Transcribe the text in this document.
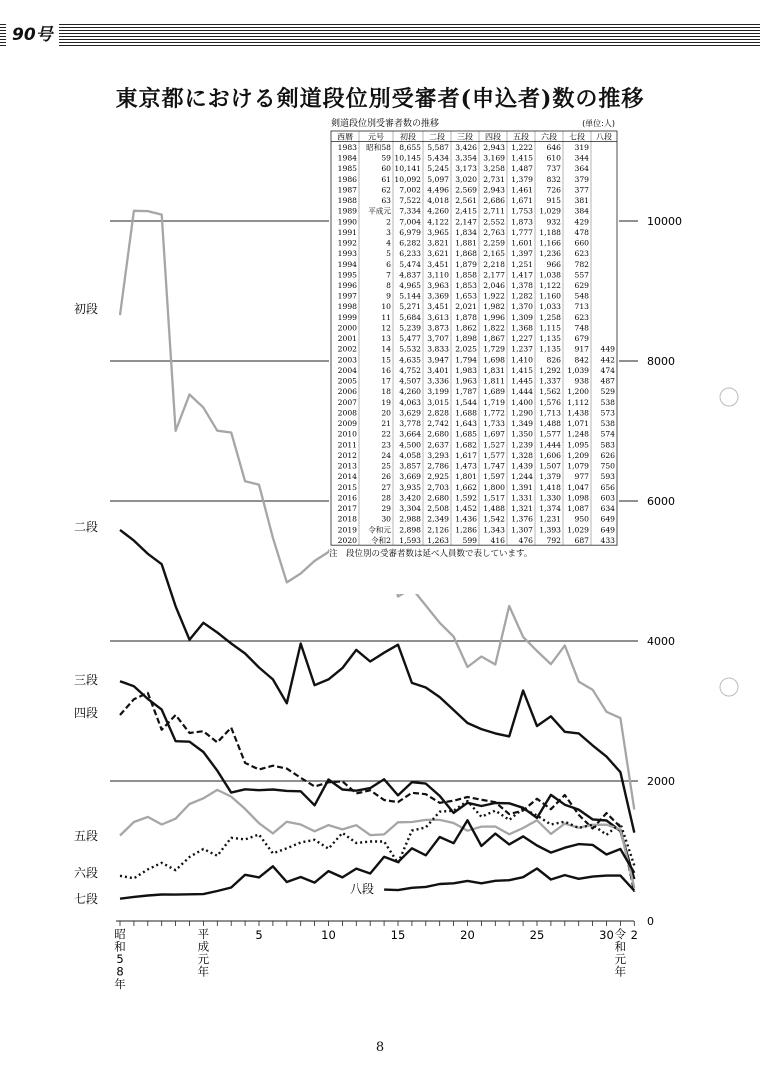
90号
東京都における剣道段位別受審者(申込者)数の推移
0
2000
4000
6000
8000
10000
昭和 5 8 年
平成元年
5	10	15	20	25	30 令和元年
2
初段
二段
三段
四段
五段
六段
七段
八段
剣道段位別受審者数の推移	(単位:人)
西暦 元号 初段 二段 三段 四段 五段 六段 七段 八段
1983 昭和58 8,655 5,587 3,426 2,943 1,222 646 319
1984	59 10,145 5,434 3,354 3,169 1,415 610 344
1985	60 10,141 5,245 3,173 3,258 1,487 737 364
1986	61 10,092 5,097 3,020 2,731 1,379 832 379
1987	62 7,002 4,496 2,569 2,943 1,461 726 377
1988	63 7,522 4,018 2,561 2,686 1,671 915 381
1989 平成元 7,334 4,260 2,415 2,711 1,753 1,029 384
1990	2 7,004 4,122 2,147 2,552 1,873 932 429
1991	3 6,979 3,965 1,834 2,763 1,777 1,188 478
1992	4 6,282 3,821 1,881 2,259 1,601 1,166 660
1993	5 6,233 3,621 1,868 2,165 1,397 1,236 623
1994	6 5,474 3,451 1,879 2,218 1,251 966 782
1995	7 4,837 3,110 1,858 2,177 1,417 1,038 557
1996	8 4,965 3,963 1,853 2,046 1,378 1,122 629
1997	9 5,144 3,369 1,653 1,922 1,282 1,160 548
1998	10 5,271 3,451 2,021 1,982 1,370 1,033 713
1999	11 5,684 3,613 1,878 1,996 1,309 1,258 623
2000	12 5,239 3,873 1,862 1,822 1,368 1,115 748
2001	13 5,477 3,707 1,898 1,867 1,227 1,135 679
2002	14 5,532 3,833 2,025 1,729 1,237 1,135 917 449
2003	15 4,635 3,947 1,794 1,698 1,410 826 842 442
2004	16 4,752 3,401 1,983 1,831 1,415 1,292 1,039 474
2005	17 4,507 3,336 1,963 1,811 1,445 1,337 938 487
2006	18 4,260 3,199 1,787 1,689 1,444 1,562 1,200 529
2007	19 4,063 3,015 1,544 1,719 1,400 1,576 1,112 538
2008	20 3,629 2,828 1,688 1,772 1,290 1,713 1,438 573
2009	21 3,778 2,742 1,643 1,733 1,349 1,488 1,071 538
2010	22 3,664 2,680 1,685 1,697 1,350 1,577 1,248 574
2011	23 4,500 2,637 1,682 1,527 1,239 1,444 1,095 583
2012	24 4,058 3,293 1,617 1,577 1,328 1,606 1,209 626
2013	25 3,857 2,786 1,473 1,747 1,439 1,507 1,079 750
2014	26 3,669 2,925 1,801 1,597 1,244 1,379 977 593
2015	27 3,935 2,703 1,662 1,800 1,391 1,418 1,047 656
2016	28 3,420 2,680 1,592 1,517 1,331 1,330 1,098 603
2017	29 3,304 2,508 1,452 1,488 1,321 1,374 1,087 634
2018	30 2,988 2,349 1,436 1,542 1,376 1,231 950 649
2019 令和元 2,898 2,126 1,286 1,343 1,307 1,393 1,029 649
2020 令和2 1,593 1,263 599 416 476 792 687 433
注　段位別の受審者数は延べ人員数で表しています。
8
